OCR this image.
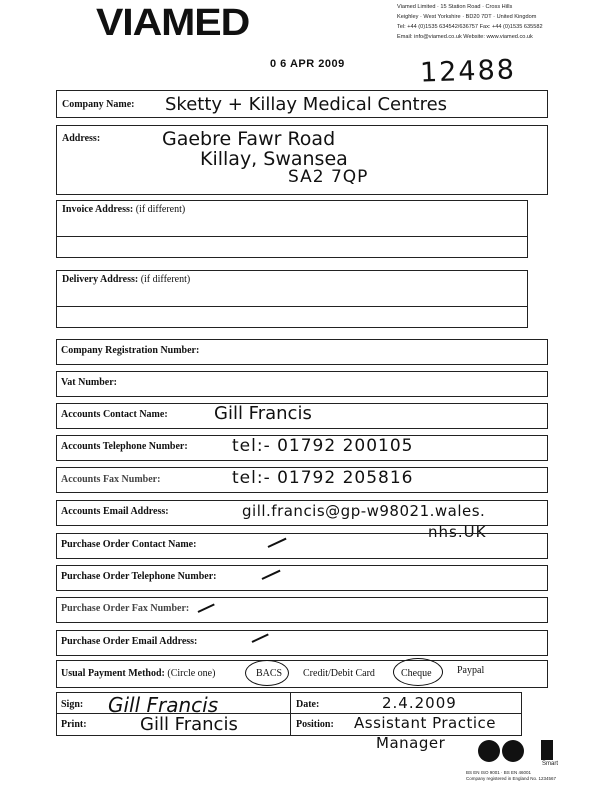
VIAMED	Viamed Limited · 15 Station Road · Cross Hills
Keighley · West Yorkshire · BD20 7DT · United Kingdom
Tel: +44 (0)1535 634542/636757 Fax: +44 (0)1535 635582
Email: info@viamed.co.uk Website: www.viamed.co.uk
0 6 APR 2009	12488
Company Name: Sketty + Killay Medical Centres
Address:	Gaebre Fawr Road
Killay, Swansea
SA2 7QP
Invoice Address: (if different)
Delivery Address: (if different)
Company Registration Number:
Vat Number:
Accounts Contact Name:	Gill Francis
Accounts Telephone Number:	tel:- 01792 200105
Accounts Fax Number:	tel:- 01792 205816
Accounts Email Address:	gill.francis@gp-w98021.wales.
nhs.UK
Purchase Order Contact Name:
Purchase Order Telephone Number:
Purchase Order Fax Number:
Purchase Order Email Address:
Usual Payment Method: (Circle one)	BACS Credit/Debit Card	Cheque	Paypal
Sign: Gill Francis
Print:	Gill Francis
Date:	2.4.2009
Position: Assistant Practice
Manager
Smart
BS EN ISO 9001 · BS EN 46001
Company registered in England No. 1234567
